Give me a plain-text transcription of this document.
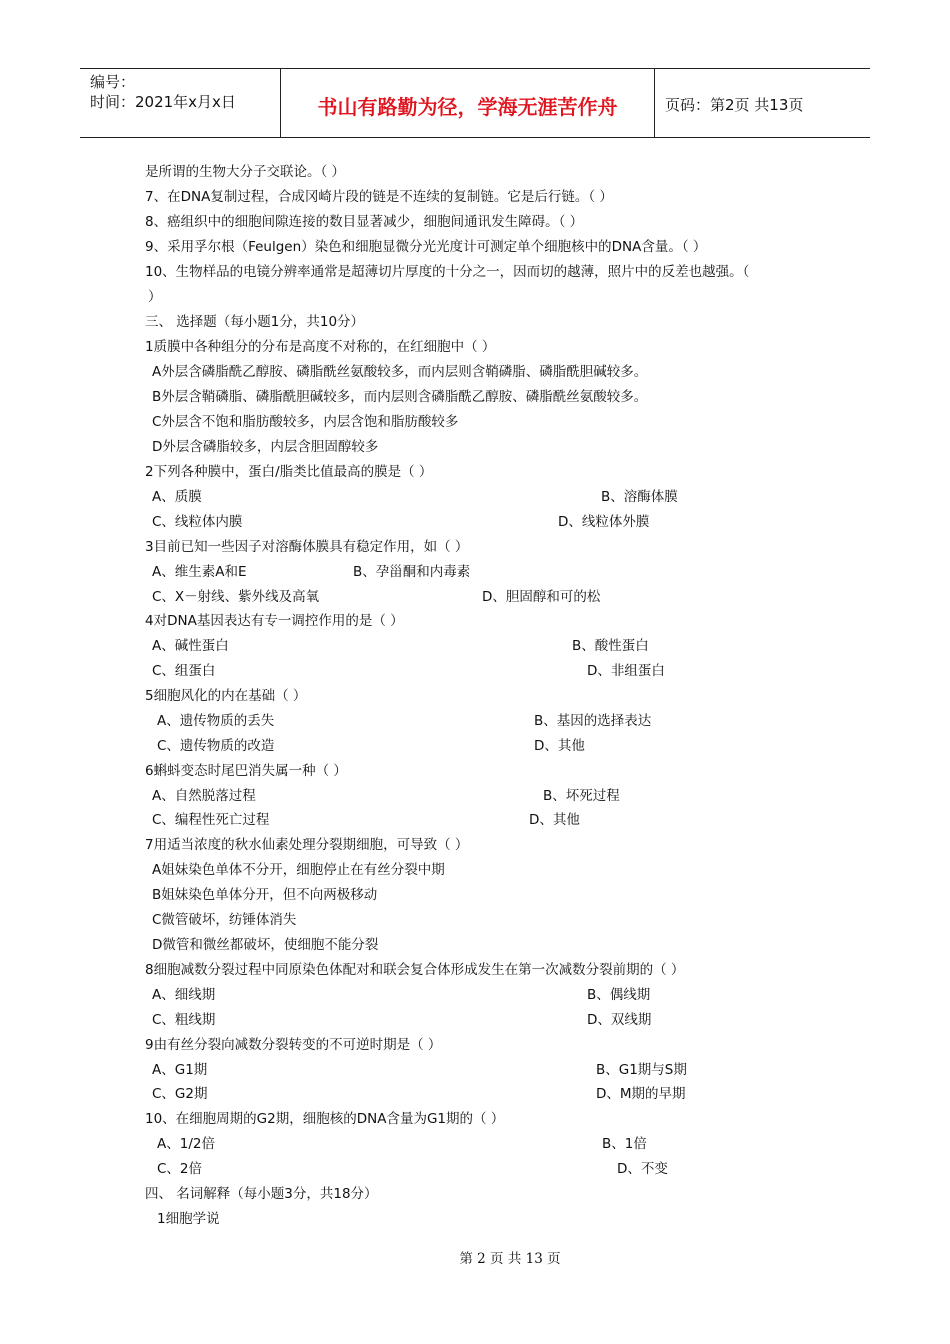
编号：
时间：2021年x月x日	书山有路勤为径，学海无涯苦作舟	页码：第2页 共13页
是所谓的生物大分子交联论。（ ）
7、在DNA复制过程，合成冈崎片段的链是不连续的复制链。它是后行链。（ ）
8、癌组织中的细胞间隙连接的数目显著减少，细胞间通讯发生障碍。（ ）
9、采用孚尔根（Feulgen）染色和细胞显微分光光度计可测定单个细胞核中的DNA含量。（ ）
10、生物样品的电镜分辨率通常是超薄切片厚度的十分之一，因而切的越薄，照片中的反差也越强。（
）
三、 选择题（每小题1分，共10分）
1质膜中各种组分的分布是高度不对称的，在红细胞中（ ）
A外层含磷脂酰乙醇胺、磷脂酰丝氨酸较多，而内层则含鞘磷脂、磷脂酰胆碱较多。
B外层含鞘磷脂、磷脂酰胆碱较多，而内层则含磷脂酰乙醇胺、磷脂酰丝氨酸较多。
C外层含不饱和脂肪酸较多，内层含饱和脂肪酸较多
D外层含磷脂较多，内层含胆固醇较多
2下列各种膜中，蛋白/脂类比值最高的膜是（ ）
A、质膜	B、溶酶体膜
C、线粒体内膜	D、线粒体外膜
3目前已知一些因子对溶酶体膜具有稳定作用，如（ ）
A、维生素A和E	B、孕甾酮和内毒素
C、X－射线、紫外线及高氧	D、胆固醇和可的松
4对DNA基因表达有专一调控作用的是（ ）
A、碱性蛋白	B、酸性蛋白
C、组蛋白	D、非组蛋白
5细胞风化的内在基础（ ）
A、遗传物质的丢失	B、基因的选择表达
C、遗传物质的改造	D、其他
6蝌蚪变态时尾巴消失属一种（ ）
A、自然脱落过程	B、坏死过程
C、编程性死亡过程	D、其他
7用适当浓度的秋水仙素处理分裂期细胞，可导致（ ）
A姐妹染色单体不分开，细胞停止在有丝分裂中期
B姐妹染色单体分开，但不向两极移动
C微管破坏，纺锤体消失
D微管和微丝都破坏，使细胞不能分裂
8细胞减数分裂过程中同原染色体配对和联会复合体形成发生在第一次减数分裂前期的（ ）
A、细线期	B、偶线期
C、粗线期	D、双线期
9由有丝分裂向减数分裂转变的不可逆时期是（ ）
A、G1期	B、G1期与S期
C、G2期	D、M期的早期
10、在细胞周期的G2期，细胞核的DNA含量为G1期的（ ）
A、1/2倍	B、1倍
C、2倍	D、不变
四、 名词解释（每小题3分，共18分）
1细胞学说
第 2 页 共 13 页
